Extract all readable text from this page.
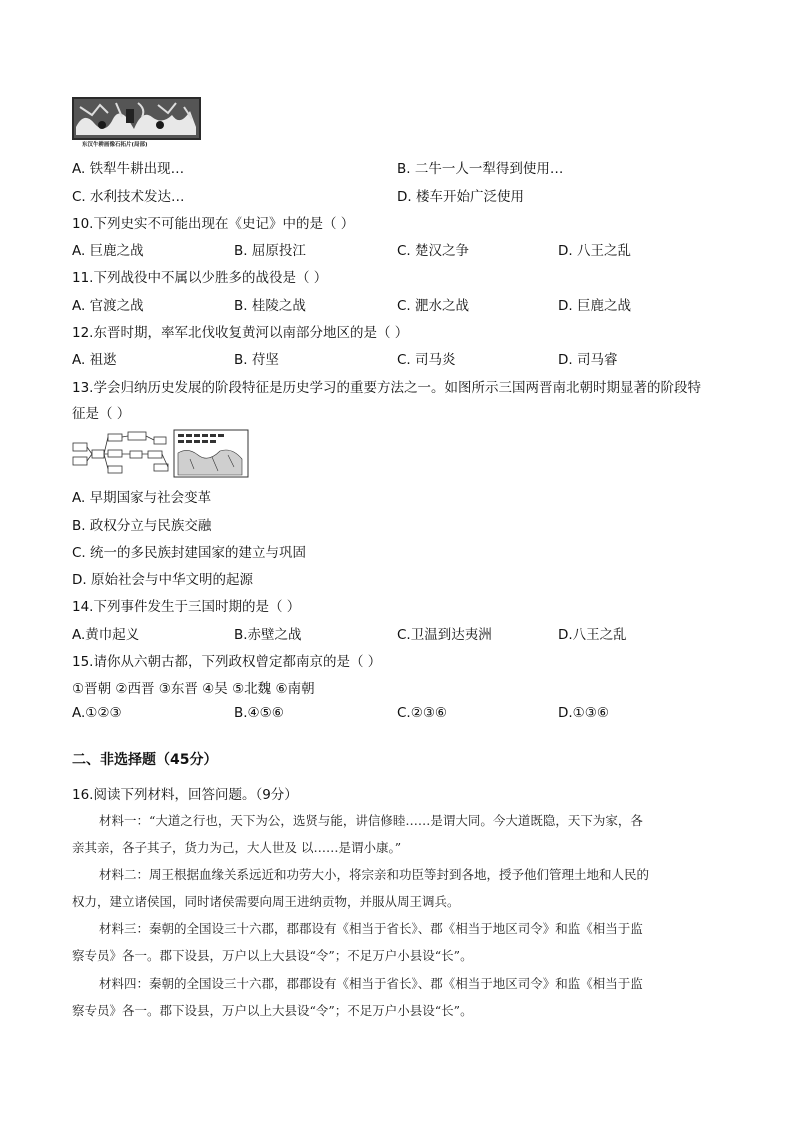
东汉牛耕画像石拓片(局部)
A. 铁犁牛耕出现…	B. 二牛一人一犁得到使用…
C. 水利技术发达…	D. 楼车开始广泛使用
10.下列史实不可能出现在《史记》中的是（ ）
A. 巨鹿之战	B. 屈原投江	C. 楚汉之争	D. 八王之乱
11.下列战役中不属以少胜多的战役是（ ）
A. 官渡之战	B. 桂陵之战	C. 淝水之战	D. 巨鹿之战
12.东晋时期，率军北伐收复黄河以南部分地区的是（ ）
A. 祖逖	B. 苻坚	C. 司马炎	D. 司马睿
13.学会归纳历史发展的阶段特征是历史学习的重要方法之一。如图所示三国两晋南北朝时期显著的阶段特
征是（ ）
A. 早期国家与社会变革
B. 政权分立与民族交融
C. 统一的多民族封建国家的建立与巩固
D. 原始社会与中华文明的起源
14.下列事件发生于三国时期的是（ ）
A.黄巾起义	B.赤壁之战	C.卫温到达夷洲	D.八王之乱
15.请你从六朝古都，下列政权曾定都南京的是（ ）
①晋朝 ②西晋 ③东晋 ④吴 ⑤北魏 ⑥南朝
A.①②③	B.④⑤⑥	C.②③⑥	D.①③⑥
二、非选择题（45分）
16.阅读下列材料，回答问题。（9分）
材料一：“大道之行也，天下为公，选贤与能，讲信修睦……是谓大同。今大道既隐，天下为家，各
亲其亲，各子其子，货力为己，大人世及 以……是谓小康。”
材料二：周王根据血缘关系远近和功劳大小，将宗亲和功臣等封到各地，授予他们管理土地和人民的
权力，建立诸侯国，同时诸侯需要向周王进纳贡物，并服从周王调兵。
材料三：秦朝的全国设三十六郡，郡郡设有《相当于省长》、郡《相当于地区司令》和监《相当于监
察专员》各一。郡下设县，万户以上大县设“令”；不足万户小县设“长”。
材料四：秦朝的全国设三十六郡，郡郡设有《相当于省长》、郡《相当于地区司令》和监《相当于监
察专员》各一。郡下设县，万户以上大县设“令”；不足万户小县设“长”。
